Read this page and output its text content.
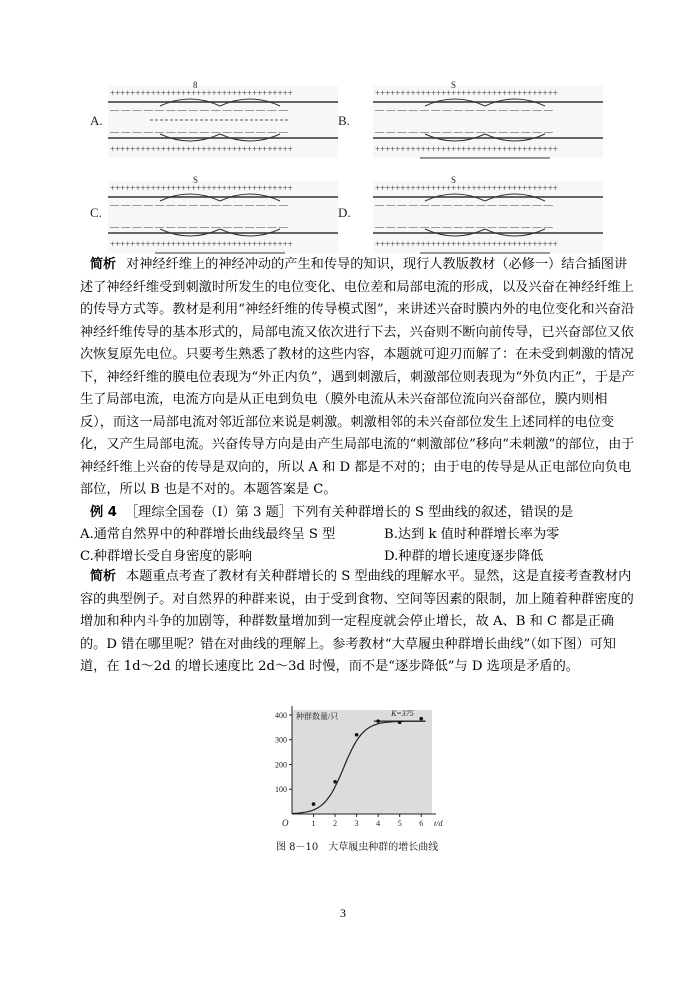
++++++++++++++++++++++++++++++++++++
— — — — — — — — — — — — — — — —
— — — — — — — — — — — — — — — —
++++++++++++++++++++++++++++++++++++
++++++++++++++++++++++++++++++++++++
— — — — — — — — — — — — — — — —
— — — — — — — — — — — — — — — —
++++++++++++++++++++++++++++++++++++
++++++++++++++++++++++++++++++++++++
— — — — — — — — — — — — — — — —
— — — — — — — — — — — — — — — —
++++++++++++++++++++++++++++++++++++
++++++++++++++++++++++++++++++++++++
— — — — — — — — — — — — — — — —
— — — — — — — — — — — — — — — —
++++++++++++++++++++++++++++++++++++
A.	B.
C.	D.
8	S
S	S

简析 对神经纤维上的神经冲动的产生和传导的知识，现行人教版教材（必修一）结合插图讲述了神经纤维受到刺激时所发生的电位变化、电位差和局部电流的形成，以及兴奋在神经纤维上的传导方式等。教材是利用“神经纤维的传导模式图”，来讲述兴奋时膜内外的电位变化和兴奋沿神经纤维传导的基本形式的，局部电流又依次进行下去，兴奋则不断向前传导，已兴奋部位又依次恢复原先电位。只要考生熟悉了教材的这些内容，本题就可迎刃而解了：在未受到刺激的情况下，神经纤维的膜电位表现为“外正内负”，遇到刺激后，刺激部位则表现为“外负内正”，于是产生了局部电流，电流方向是从正电到负电（膜外电流从未兴奋部位流向兴奋部位，膜内则相反），而这一局部电流对邻近部位来说是刺激。刺激相邻的未兴奋部位发生上述同样的电位变化，又产生局部电流。兴奋传导方向是由产生局部电流的“刺激部位”移向“未刺激”的部位，由于神经纤维上兴奋的传导是双向的，所以 A 和 D 都是不对的；由于电的传导是从正电部位向负电部位，所以 B 也是不对的。本题答案是 C。

例 4 ［理综全国卷（I）第 3 题］下列有关种群增长的 S 型曲线的叙述，错误的是
A.通常自然界中的种群增长曲线最终呈 S 型	B.达到 k 值时种群增长率为零
C.种群增长受自身密度的影响	D.种群的增长速度逐步降低

简析 本题重点考查了教材有关种群增长的 S 型曲线的理解水平。显然，这是直接考查教材内容的典型例子。对自然界的种群来说，由于受到食物、空间等因素的限制，加上随着种群密度的增加和种内斗争的加剧等，种群数量增加到一定程度就会停止增长，故 A、B 和 C 都是正确的。D 错在哪里呢？错在对曲线的理解上。参考教材“大草履虫种群增长曲线”（如下图）可知道，在 1d～2d 的增长速度比 2d～3d 时慢，而不是“逐步降低”与 D 选项是矛盾的。

100
200
300
400
1 2 3 4 5 6
O	t/d
种群数量/只	K=375
图 8－10　大草履虫种群的增长曲线
3
